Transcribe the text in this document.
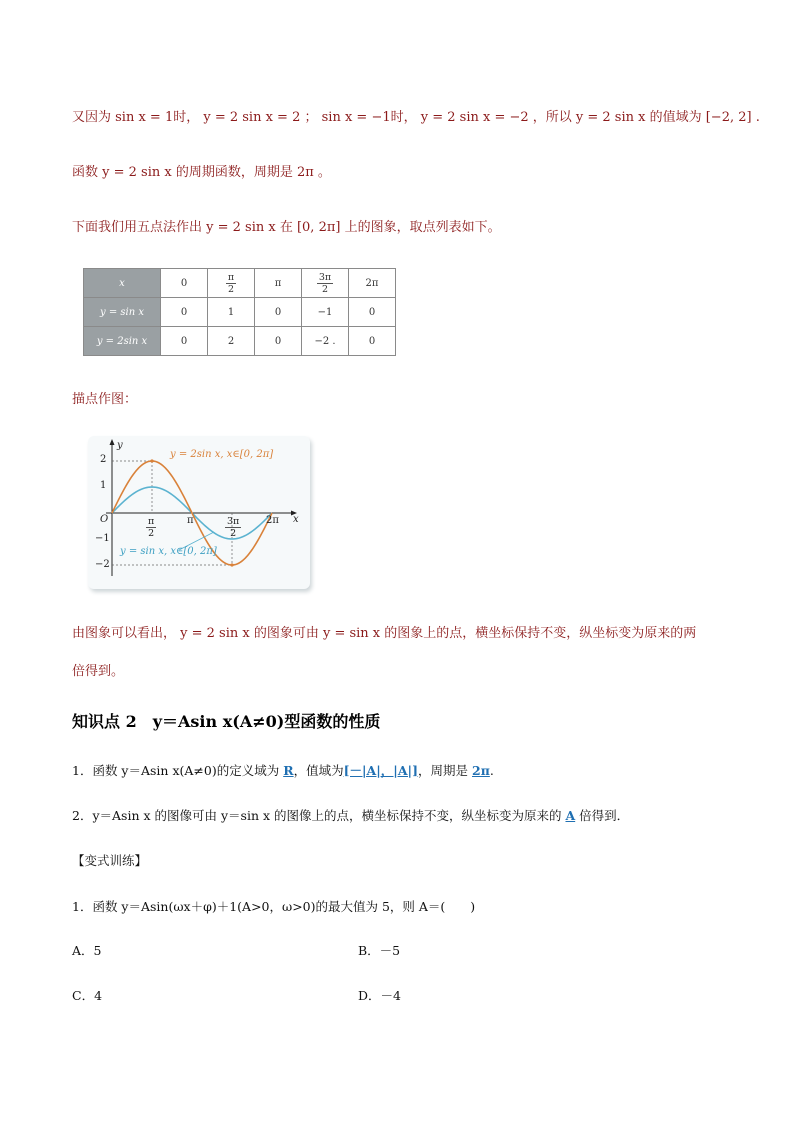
又因为 sin x = 1时， y = 2 sin x = 2 ； sin x = −1时， y = 2 sin x = −2 ，所以 y = 2 sin x 的值域为 [−2, 2] .
函数 y = 2 sin x 的周期函数，周期是 2π 。
下面我们用五点法作出 y = 2 sin x 在 [0, 2π] 上的图象，取点列表如下。
x	0	$\frac{\pi}{2}$	π	$\frac{3\pi}{2}$	2π
y = sin x	0	1	0	−1	0
y = 2sin x	0	2	0	−2 .	0
描点作图：
y = 2sin x, x∈[0, 2π]
y = sin x, x∈[0, 2π]
y
x
O
2
1
−1
−2
$\frac{\pi}{2}$	π	$\frac{3\pi}{2} 2\pi$
由图象可以看出， y = 2 sin x 的图象可由 y = sin x 的图象上的点，横坐标保持不变，纵坐标变为原来的两
倍得到。
知识点 2　y＝Asin x(A≠0)型函数的性质
1．函数 y＝Asin x(A≠0)的定义域为 R，值域为[－|A|，|A|]，周期是 2π.
2．y＝Asin x 的图像可由 y＝sin x 的图像上的点，横坐标保持不变，纵坐标变为原来的 A 倍得到．
【变式训练】
1．函数 y＝Asin(ωx＋φ)＋1(A>0，ω>0)的最大值为 5，则 A＝(　　)
A．5	B．－5
C．4	D．－4
